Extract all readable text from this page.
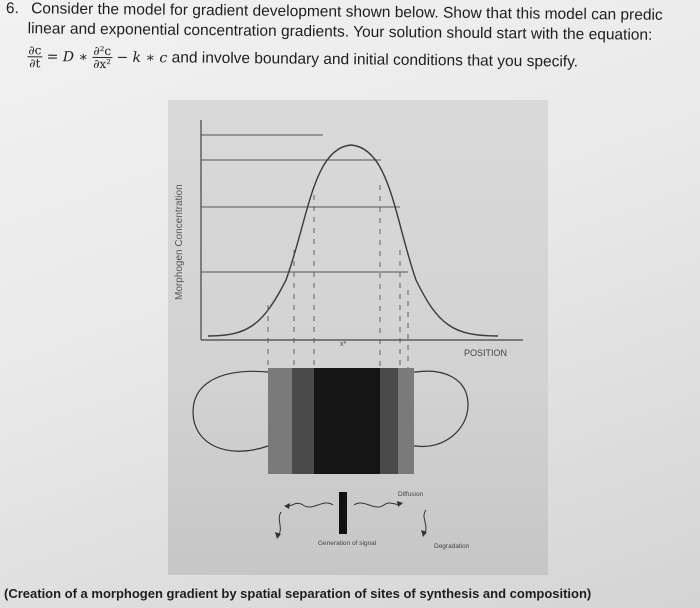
6. Consider the model for gradient development shown below. Show that this model can predic
linear and exponential concentration gradients. Your solution should start with the equation:
$\frac{\partial c}{\partial t} = D$ ∗ $\frac{\text{∂²c}}{\text{∂x²}} - k$ ∗ c and involve boundary and initial conditions that you specify.
Morphogen Concentration
POSITION
x*
Diffusion
Generation of signal	Degradation
(Creation of a morphogen gradient by spatial separation of sites of synthesis and composition)
